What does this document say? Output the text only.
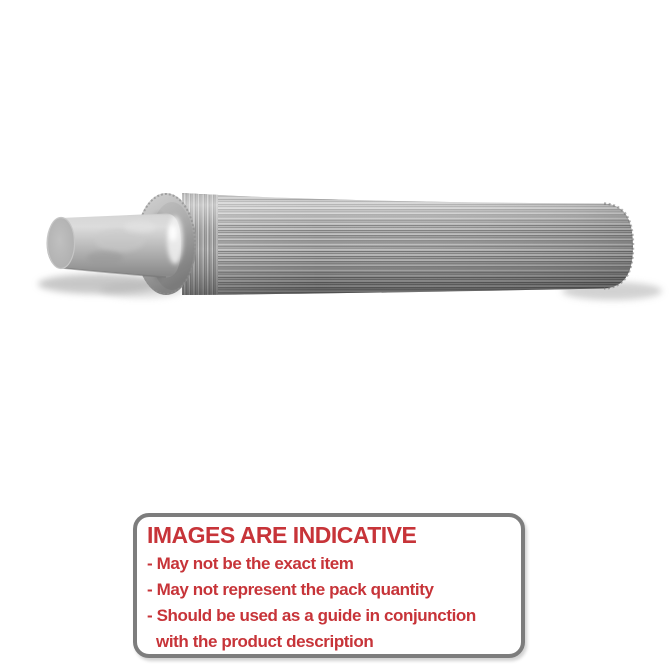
IMAGES ARE INDICATIVE
- May not be the exact item
- May not represent the pack quantity
- Should be used as a guide in conjunction
with the product description
